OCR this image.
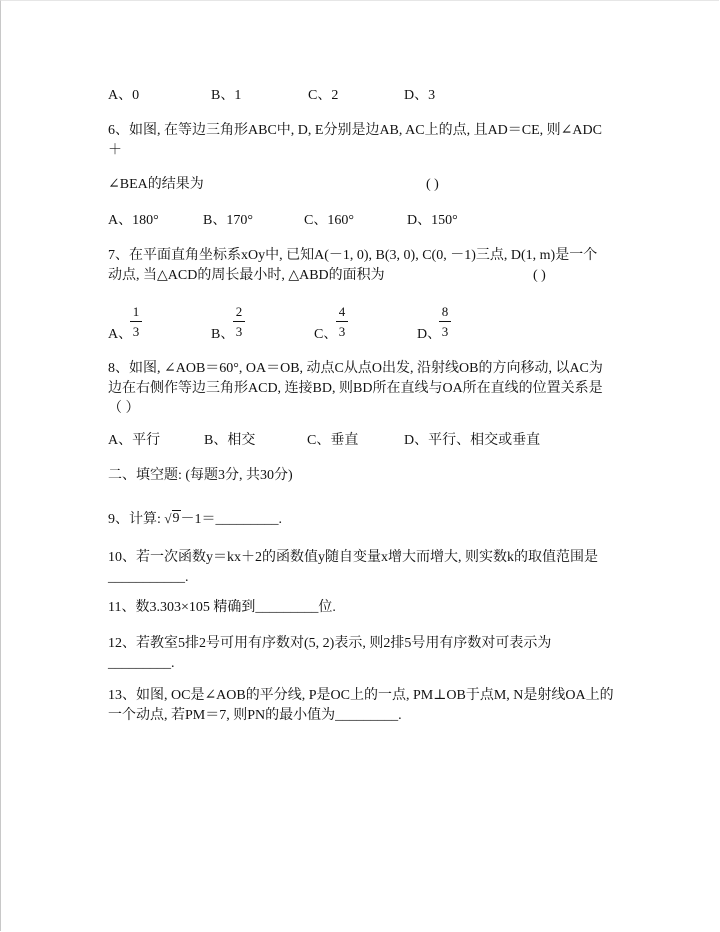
A、0	B、1	C、2	D、3
6、如图, 在等边三角形ABC中, D, E分别是边AB, AC上的点, 且AD＝CE, 则∠ADC
＋
∠BEA的结果为	( )
A、180°	B、170°	C、160°	D、150°
7、在平面直角坐标系xOy中, 已知A(－1, 0), B(3, 0), C(0, －1)三点, D(1, m)是一个
动点, 当△ACD的周长最小时, △ABD的面积为	( )
A、
$\frac{1}{3}$	B、
$\frac{2}{3}$	C、
$\frac{4}{3}$	D、
$\frac{8}{3}$
8、如图, ∠AOB＝60°, OA＝OB, 动点C从点O出发, 沿射线OB的方向移动, 以AC为边在右侧作等边三角形ACD, 连接BD, 则BD所在直线与OA所在直线的位置关系是（ ）
A、平行	B、相交	C、垂直	D、平行、相交或垂直
二、填空题: (每题3分, 共30分)
9、计算: √9－1＝_________.
10、若一次函数y＝kx＋2的函数值y随自变量x增大而增大, 则实数k的取值范围是___________.
11、数3.303×105 精确到_________位.
12、若教室5排2号可用有序数对(5, 2)表示, 则2排5号用有序数对可表示为_________.
13、如图, OC是∠AOB的平分线, P是OC上的一点, PM⊥OB于点M, N是射线OA上的一个动点, 若PM＝7, 则PN的最小值为_________.
